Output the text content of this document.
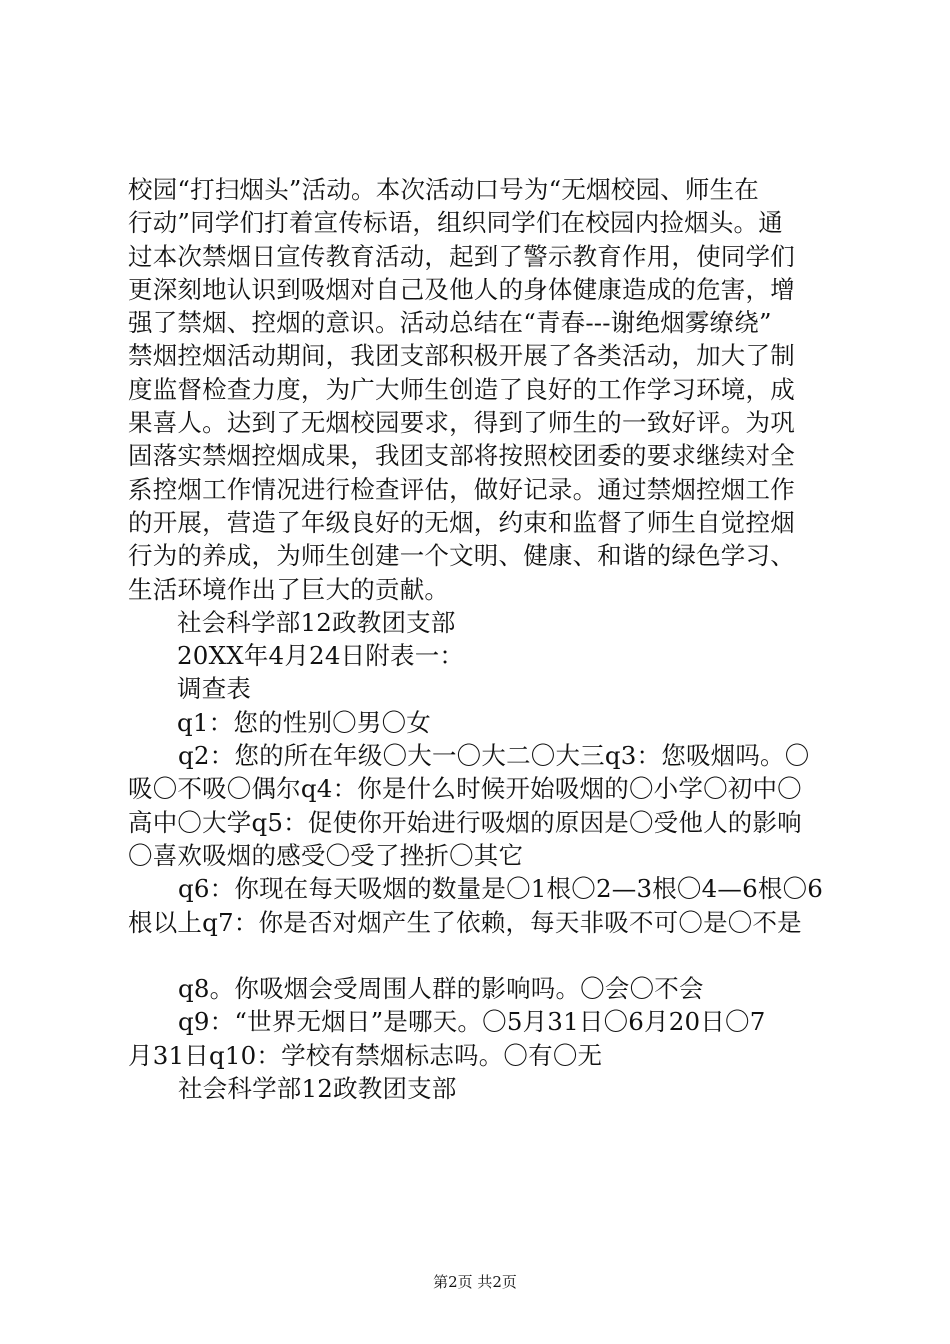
校园“打扫烟头”活动。本次活动口号为“无烟校园、师生在
行动”同学们打着宣传标语，组织同学们在校园内捡烟头。通
过本次禁烟日宣传教育活动，起到了警示教育作用，使同学们
更深刻地认识到吸烟对自己及他人的身体健康造成的危害，增
强了禁烟、控烟的意识。活动总结在“青春---谢绝烟雾缭绕”
禁烟控烟活动期间，我团支部积极开展了各类活动，加大了制
度监督检查力度，为广大师生创造了良好的工作学习环境，成
果喜人。达到了无烟校园要求，得到了师生的一致好评。为巩
固落实禁烟控烟成果，我团支部将按照校团委的要求继续对全
系控烟工作情况进行检查评估，做好记录。通过禁烟控烟工作
的开展，营造了年级良好的无烟，约束和监督了师生自觉控烟
行为的养成，为师生创建一个文明、健康、和谐的绿色学习、
生活环境作出了巨大的贡献。
社会科学部12政教团支部
20XX年4月24日附表一：
调查表
q1：您的性别〇男〇女
q2：您的所在年级〇大一〇大二〇大三q3：您吸烟吗。〇
吸〇不吸〇偶尔q4：你是什么时候开始吸烟的〇小学〇初中〇
高中〇大学q5：促使你开始进行吸烟的原因是〇受他人的影响
〇喜欢吸烟的感受〇受了挫折〇其它
q6：你现在每天吸烟的数量是〇1根〇2—3根〇4—6根〇6
根以上q7：你是否对烟产生了依赖，每天非吸不可〇是〇不是
q8。你吸烟会受周围人群的影响吗。〇会〇不会
q9：“世界无烟日”是哪天。〇5月31日〇6月20日〇7
月31日q10：学校有禁烟标志吗。〇有〇无
社会科学部12政教团支部
第2页 共2页
